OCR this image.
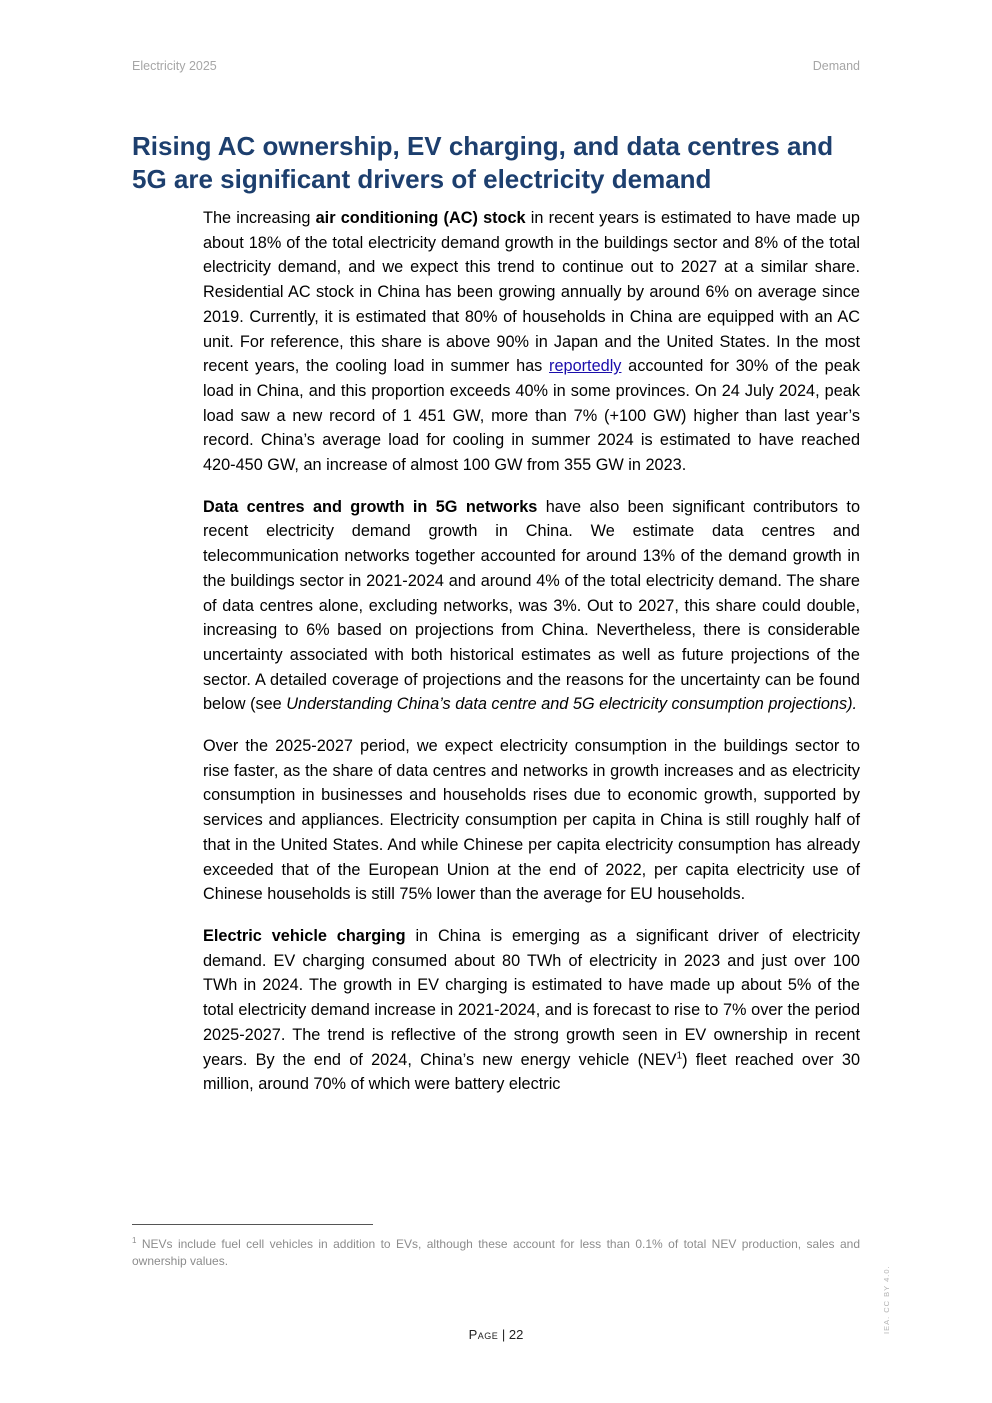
Electricity 2025	Demand
Rising AC ownership, EV charging, and data centres and 5G are significant drivers of electricity demand

The increasing air conditioning (AC) stock in recent years is estimated to have made up about 18% of the total electricity demand growth in the buildings sector and 8% of the total electricity demand, and we expect this trend to continue out to 2027 at a similar share. Residential AC stock in China has been growing annually by around 6% on average since 2019. Currently, it is estimated that 80% of households in China are equipped with an AC unit. For reference, this share is above 90% in Japan and the United States. In the most recent years, the cooling load in summer has reportedly accounted for 30% of the peak load in China, and this proportion exceeds 40% in some provinces. On 24 July 2024, peak load saw a new record of 1 451 GW, more than 7% (+100 GW) higher than last year’s record. China’s average load for cooling in summer 2024 is estimated to have reached 420-450 GW, an increase of almost 100 GW from 355 GW in 2023.

Data centres and growth in 5G networks have also been significant contributors to recent electricity demand growth in China. We estimate data centres and telecommunication networks together accounted for around 13% of the demand growth in the buildings sector in 2021-2024 and around 4% of the total electricity demand. The share of data centres alone, excluding networks, was 3%. Out to 2027, this share could double, increasing to 6% based on projections from China. Nevertheless, there is considerable uncertainty associated with both historical estimates as well as future projections of the sector. A detailed coverage of projections and the reasons for the uncertainty can be found below (see Understanding China’s data centre and 5G electricity consumption projections).

Over the 2025-2027 period, we expect electricity consumption in the buildings sector to rise faster, as the share of data centres and networks in growth increases and as electricity consumption in businesses and households rises due to economic growth, supported by services and appliances. Electricity consumption per capita in China is still roughly half of that in the United States. And while Chinese per capita electricity consumption has already exceeded that of the European Union at the end of 2022, per capita electricity use of Chinese households is still 75% lower than the average for EU households.

Electric vehicle charging in China is emerging as a significant driver of electricity demand. EV charging consumed about 80 TWh of electricity in 2023 and just over 100 TWh in 2024. The growth in EV charging is estimated to have made up about 5% of the total electricity demand increase in 2021-2024, and is forecast to rise to 7% over the period 2025-2027. The trend is reflective of the strong growth seen in EV ownership in recent years. By the end of 2024, China’s new energy vehicle (NEV$^1$) fleet reached over 30 million, around 70% of which were battery electric

$^1$ NEVs include fuel cell vehicles in addition to EVs, although these account for less than 0.1% of total NEV production, sales and ownership values.
IEA. CC BY 4.0.
Page | 22
